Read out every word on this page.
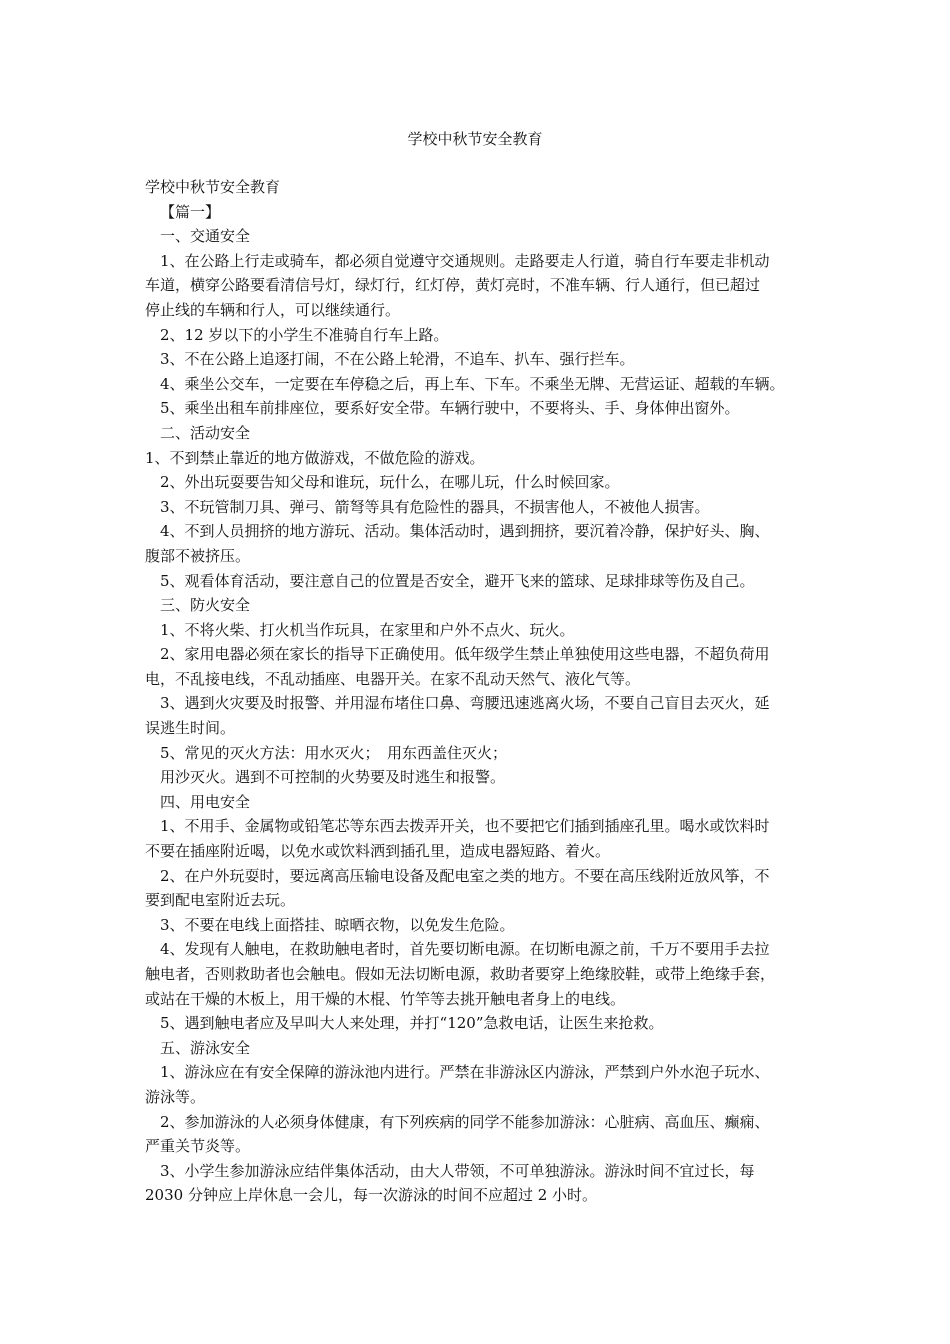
学校中秋节安全教育

学校中秋节安全教育

【篇一】

一、交通安全

1、在公路上行走或骑车，都必须自觉遵守交通规则。走路要走人行道，骑自行车要走非机动

车道，横穿公路要看清信号灯，绿灯行，红灯停，黄灯亮时，不准车辆、行人通行，但已超过

停止线的车辆和行人，可以继续通行。

2、12 岁以下的小学生不准骑自行车上路。

3、不在公路上追逐打闹，不在公路上轮滑，不追车、扒车、强行拦车。

4、乘坐公交车，一定要在车停稳之后，再上车、下车。不乘坐无牌、无营运证、超载的车辆。

5、乘坐出租车前排座位，要系好安全带。车辆行驶中，不要将头、手、身体伸出窗外。

二、活动安全

1、不到禁止靠近的地方做游戏，不做危险的游戏。

2、外出玩耍要告知父母和谁玩，玩什么，在哪儿玩，什么时候回家。

3、不玩管制刀具、弹弓、箭弩等具有危险性的器具，不损害他人，不被他人损害。

4、不到人员拥挤的地方游玩、活动。集体活动时，遇到拥挤，要沉着冷静，保护好头、胸、

腹部不被挤压。

5、观看体育活动，要注意自己的位置是否安全，避开飞来的篮球、足球排球等伤及自己。

三、防火安全

1、不将火柴、打火机当作玩具，在家里和户外不点火、玩火。

2、家用电器必须在家长的指导下正确使用。低年级学生禁止单独使用这些电器，不超负荷用

电，不乱接电线，不乱动插座、电器开关。在家不乱动天然气、液化气等。

3、遇到火灾要及时报警、并用湿布堵住口鼻、弯腰迅速逃离火场，不要自己盲目去灭火，延

误逃生时间。

5、常见的灭火方法：用水灭火；　用东西盖住灭火；

用沙灭火。遇到不可控制的火势要及时逃生和报警。

四、用电安全

1、不用手、金属物或铅笔芯等东西去拨弄开关，也不要把它们插到插座孔里。喝水或饮料时

不要在插座附近喝，以免水或饮料洒到插孔里，造成电器短路、着火。

2、在户外玩耍时，要远离高压输电设备及配电室之类的地方。不要在高压线附近放风筝，不

要到配电室附近去玩。

3、不要在电线上面搭挂、晾晒衣物，以免发生危险。

4、发现有人触电，在救助触电者时，首先要切断电源。在切断电源之前，千万不要用手去拉

触电者，否则救助者也会触电。假如无法切断电源，救助者要穿上绝缘胶鞋，或带上绝缘手套，

或站在干燥的木板上，用干燥的木棍、竹竿等去挑开触电者身上的电线。

5、遇到触电者应及早叫大人来处理，并打“120”急救电话，让医生来抢救。

五、游泳安全

1、游泳应在有安全保障的游泳池内进行。严禁在非游泳区内游泳，严禁到户外水泡子玩水、

游泳等。

2、参加游泳的人必须身体健康，有下列疾病的同学不能参加游泳：心脏病、高血压、癫痫、

严重关节炎等。

3、小学生参加游泳应结伴集体活动，由大人带领，不可单独游泳。游泳时间不宜过长，每

2030 分钟应上岸休息一会儿，每一次游泳的时间不应超过 2 小时。
